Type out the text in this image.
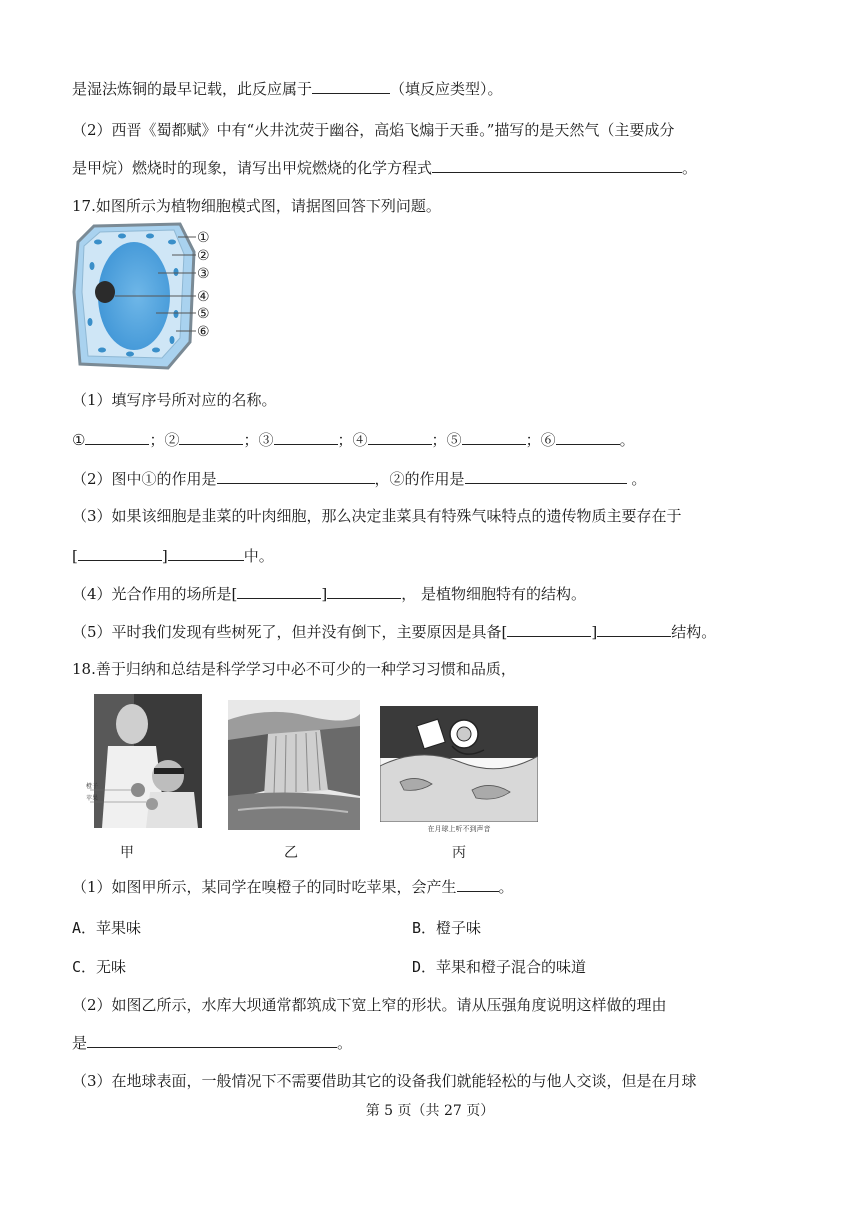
是湿法炼铜的最早记载，此反应属于	（填反应类型）。
（2）西晋《蜀都赋》中有“火井沈荧于幽谷，高焰飞煽于天垂。”描写的是天然气（主要成分
是甲烷）燃烧时的现象，请写出甲烷燃烧的化学方程式	。
17.如图所示为植物细胞模式图，请据图回答下列问题。
①
②
③
④
⑤
⑥
（1）填写序号所对应的名称。
①	；②	；③	；④	；⑤	；⑥	。
（2）图中①的作用是	，②的作用是	。
（3）如果该细胞是韭菜的叶肉细胞，那么决定韭菜具有特殊气味特点的遗传物质主要存在于
[	]	中。
（4）光合作用的场所是[	]	， 是植物细胞特有的结构。
（5）平时我们发现有些树死了，但并没有倒下，主要原因是具备[	]	结构。
18.善于归纳和总结是科学学习中必不可少的一种学习习惯和品质，
橙子
苹果
在月球上听不到声音
甲	乙	丙
（1）如图甲所示，某同学在嗅橙子的同时吃苹果，会产生	。
A．苹果味	B．橙子味
C．无味	D．苹果和橙子混合的味道
（2）如图乙所示，水库大坝通常都筑成下宽上窄的形状。请从压强角度说明这样做的理由
是	。
（3）在地球表面，一般情况下不需要借助其它的设备我们就能轻松的与他人交谈，但是在月球
第 5 页（共 27 页）
